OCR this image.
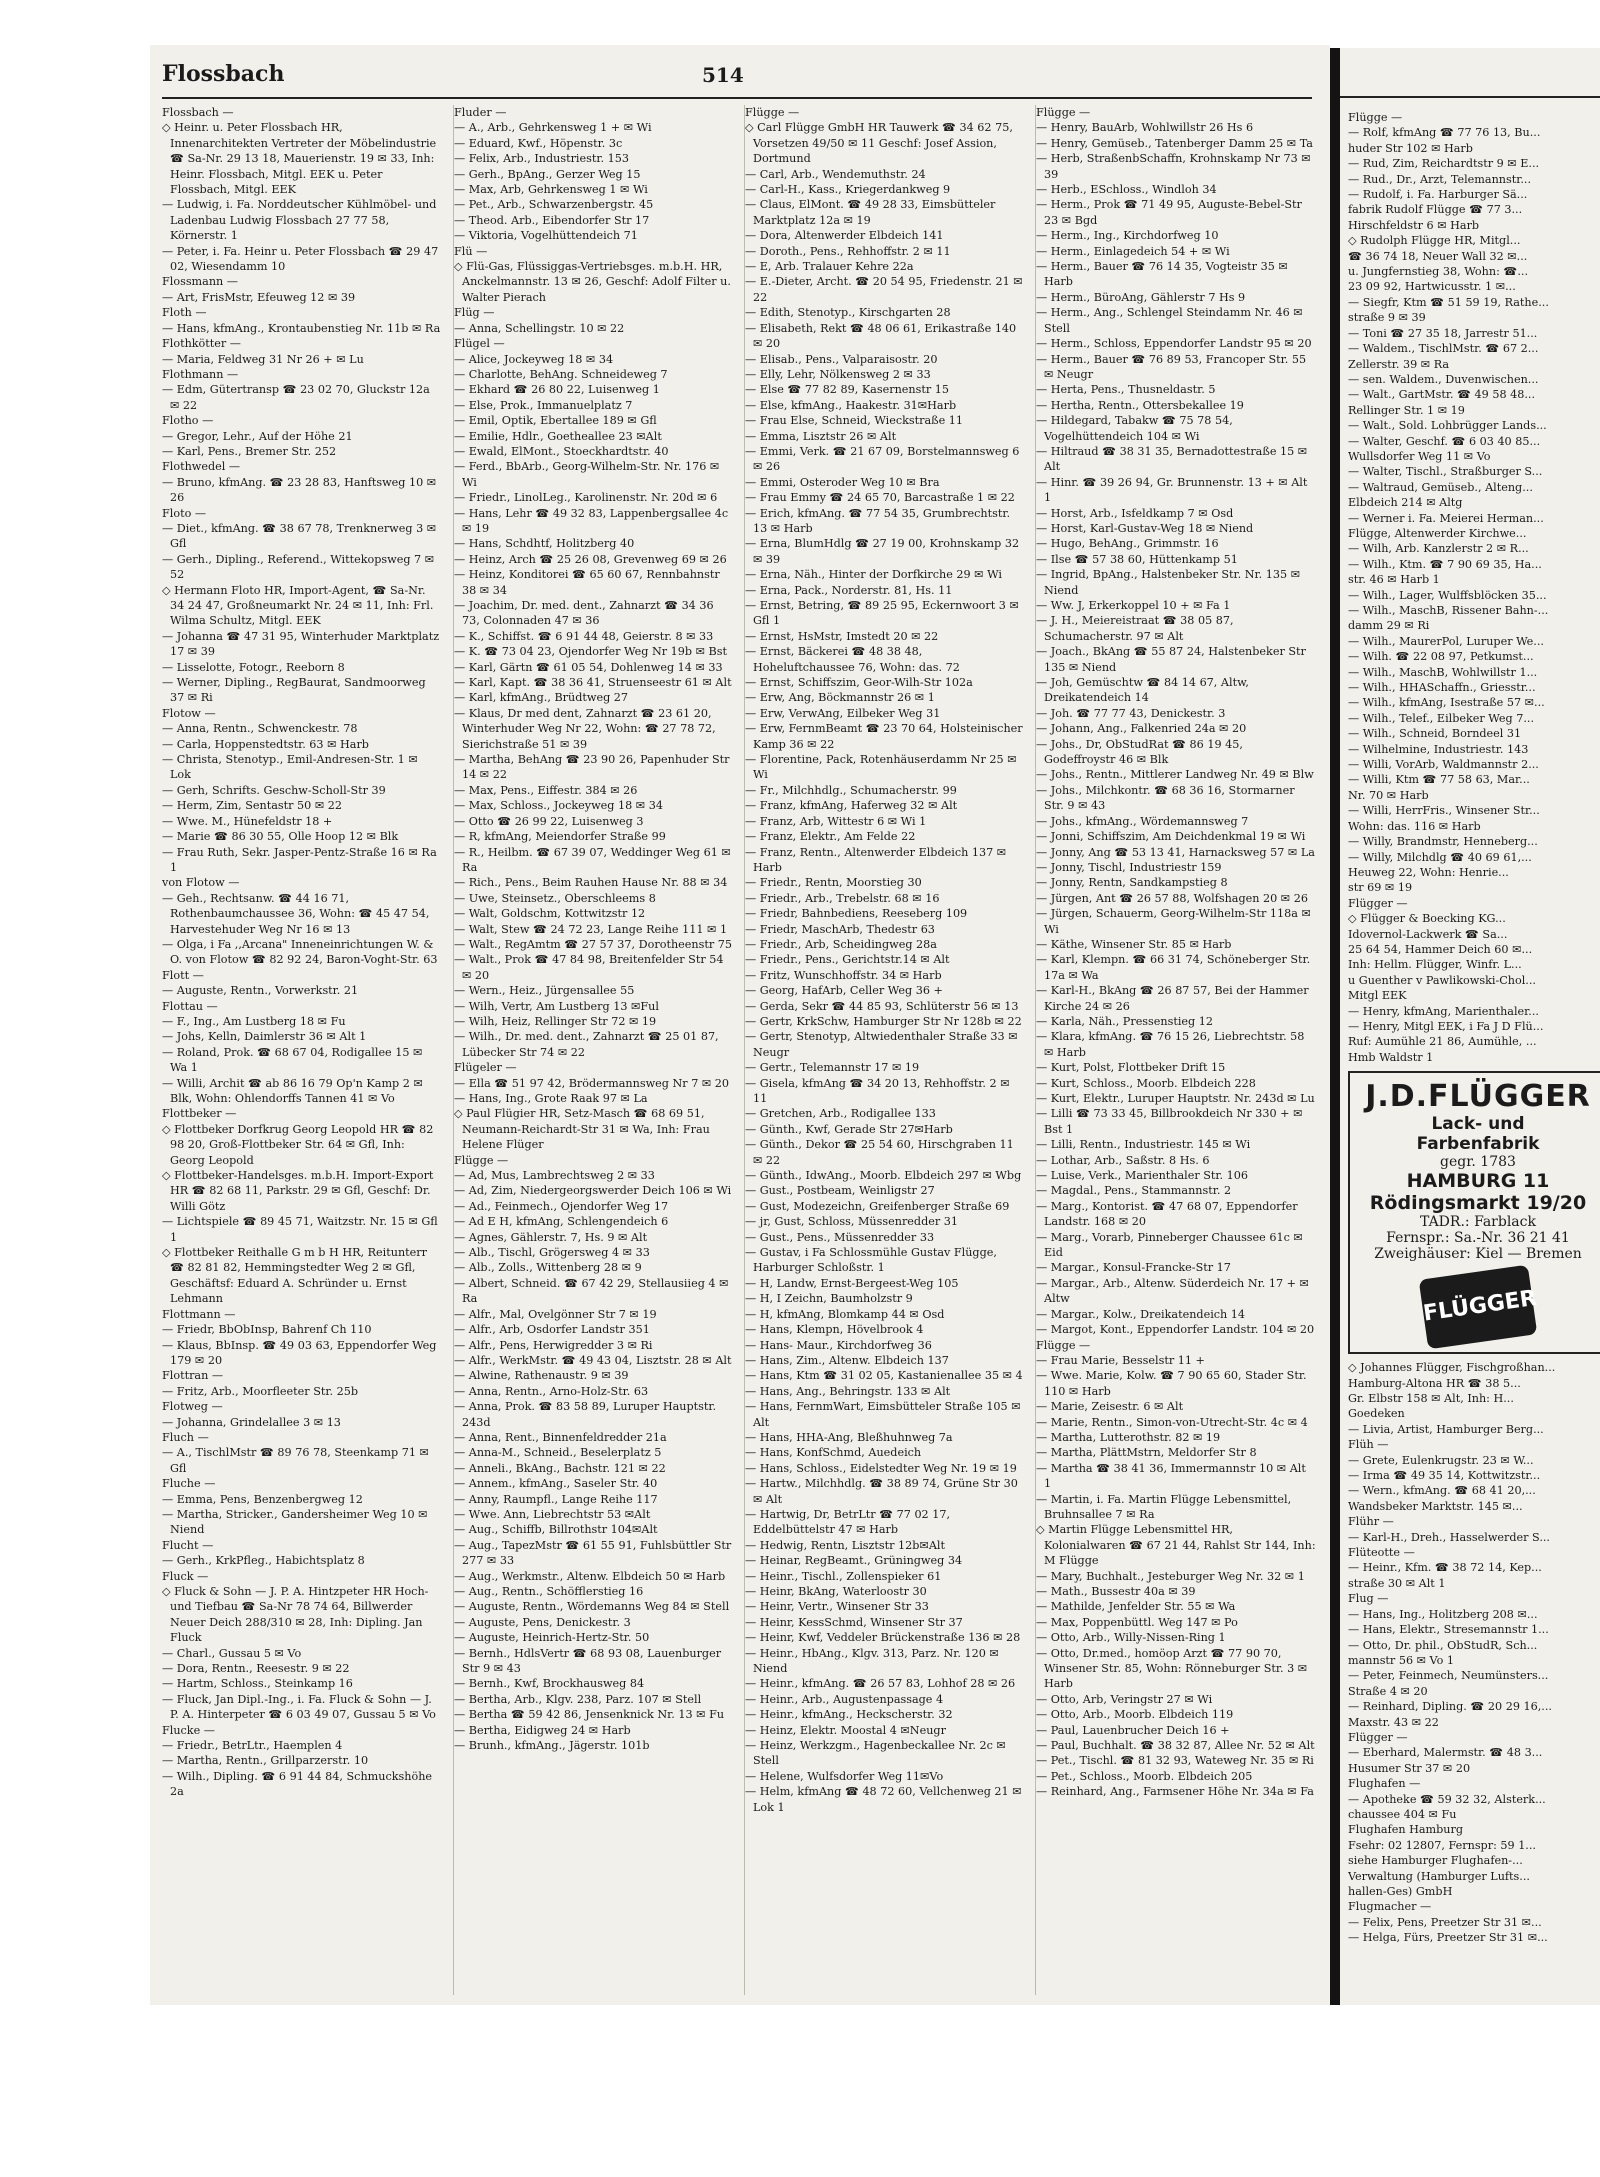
Flossbach	514
Flossbach —
◇ Heinr. u. Peter Flossbach HR, Innenarchitekten Vertreter der Möbelindustrie ☎ Sa-Nr. 29 13 18, Mauerienstr. 19 ✉ 33, Inh: Heinr. Flossbach, Mitgl. EEK u. Peter Flossbach, Mitgl. EEK
— Ludwig, i. Fa. Norddeutscher Kühlmöbel- und Ladenbau Ludwig Flossbach 27 77 58, Körnerstr. 1
— Peter, i. Fa. Heinr u. Peter Flossbach ☎ 29 47 02, Wiesendamm 10
Flossmann —
— Art, FrisMstr, Efeuweg 12 ✉ 39
Floth —
— Hans, kfmAng., Krontaubenstieg Nr. 11b ✉ Ra
Flothkötter —
— Maria, Feldweg 31 Nr 26 + ✉ Lu
Flothmann —
— Edm, Gütertransp ☎ 23 02 70, Gluckstr 12a ✉ 22
Flotho —
— Gregor, Lehr., Auf der Höhe 21
— Karl, Pens., Bremer Str. 252
Flothwedel —
— Bruno, kfmAng. ☎ 23 28 83, Hanftsweg 10 ✉ 26
Floto —
— Diet., kfmAng. ☎ 38 67 78, Trenknerweg 3 ✉ Gfl
— Gerh., Dipling., Referend., Wittekopsweg 7 ✉ 52
◇ Hermann Floto HR, Import-Agent, ☎ Sa-Nr. 34 24 47, Großneumarkt Nr. 24 ✉ 11, Inh: Frl. Wilma Schultz, Mitgl. EEK
— Johanna ☎ 47 31 95, Winterhuder Marktplatz 17 ✉ 39
— Lisselotte, Fotogr., Reeborn 8
— Werner, Dipling., RegBaurat, Sandmoorweg 37 ✉ Ri
Flotow —
— Anna, Rentn., Schwenckestr. 78
— Carla, Hoppenstedtstr. 63 ✉ Harb
— Christa, Stenotyp., Emil-Andresen-Str. 1 ✉ Lok
— Gerh, Schrifts. Geschw-Scholl-Str 39
— Herm, Zim, Sentastr 50 ✉ 22
— Wwe. M., Hünefeldstr 18 +
— Marie ☎ 86 30 55, Olle Hoop 12 ✉ Blk
— Frau Ruth, Sekr. Jasper-Pentz-Straße 16 ✉ Ra 1
von Flotow —
— Geh., Rechtsanw. ☎ 44 16 71, Rothenbaumchaussee 36, Wohn: ☎ 45 47 54, Harvestehuder Weg Nr 16 ✉ 13
— Olga, i Fa ,,Arcana" Inneneinrichtungen W. & O. von Flotow ☎ 82 92 24, Baron-Voght-Str. 63
Flott —
— Auguste, Rentn., Vorwerkstr. 21
Flottau —
— F., Ing., Am Lustberg 18 ✉ Fu
— Johs, Kelln, Daimlerstr 36 ✉ Alt 1
— Roland, Prok. ☎ 68 67 04, Rodigallee 15 ✉ Wa 1
— Willi, Archit ☎ ab 86 16 79 Op'n Kamp 2 ✉ Blk, Wohn: Ohlendorffs Tannen 41 ✉ Vo
Flottbeker —
◇ Flottbeker Dorfkrug Georg Leopold HR ☎ 82 98 20, Groß-Flottbeker Str. 64 ✉ Gfl, Inh: Georg Leopold
◇ Flottbeker-Handelsges. m.b.H. Import-Export HR ☎ 82 68 11, Parkstr. 29 ✉ Gfl, Geschf: Dr. Willi Götz
— Lichtspiele ☎ 89 45 71, Waitzstr. Nr. 15 ✉ Gfl 1
◇ Flottbeker Reithalle G m b H HR, Reitunterr ☎ 82 81 82, Hemmingstedter Weg 2 ✉ Gfl, Geschäftsf: Eduard A. Schründer u. Ernst Lehmann
Flottmann —
— Friedr, BbObInsp, Bahrenf Ch 110
— Klaus, BbInsp. ☎ 49 03 63, Eppendorfer Weg 179 ✉ 20
Flottran —
— Fritz, Arb., Moorfleeter Str. 25b
Flotweg —
— Johanna, Grindelallee 3 ✉ 13
Fluch —
— A., TischlMstr ☎ 89 76 78, Steenkamp 71 ✉ Gfl
Fluche —
— Emma, Pens, Benzenbergweg 12
— Martha, Stricker., Gandersheimer Weg 10 ✉ Niend
Flucht —
— Gerh., KrkPfleg., Habichtsplatz 8
Fluck —
◇ Fluck & Sohn — J. P. A. Hintzpeter HR Hoch- und Tiefbau ☎ Sa-Nr 78 74 64, Billwerder Neuer Deich 288/310 ✉ 28, Inh: Dipling. Jan Fluck
— Charl., Gussau 5 ✉ Vo
— Dora, Rentn., Reesestr. 9 ✉ 22
— Hartm, Schloss., Steinkamp 16
— Fluck, Jan Dipl.-Ing., i. Fa. Fluck & Sohn — J. P. A. Hinterpeter ☎ 6 03 49 07, Gussau 5 ✉ Vo
Flucke —
— Friedr., BetrLtr., Haemplen 4
— Martha, Rentn., Grillparzerstr. 10
— Wilh., Dipling. ☎ 6 91 44 84, Schmuckshöhe 2a
Fluder —
— A., Arb., Gehrkensweg 1 + ✉ Wi
— Eduard, Kwf., Höpenstr. 3c
— Felix, Arb., Industriestr. 153
— Gerh., BpAng., Gerzer Weg 15
— Max, Arb, Gehrkensweg 1 ✉ Wi
— Pet., Arb., Schwarzenbergstr. 45
— Theod. Arb., Eibendorfer Str 17
— Viktoria, Vogelhüttendeich 71
Flü —
◇ Flü-Gas, Flüssiggas-Vertriebsges. m.b.H. HR, Anckelmannstr. 13 ✉ 26, Geschf: Adolf Filter u. Walter Pierach
Flüg —
— Anna, Schellingstr. 10 ✉ 22
Flügel —
— Alice, Jockeyweg 18 ✉ 34
— Charlotte, BehAng. Schneideweg 7
— Ekhard ☎ 26 80 22, Luisenweg 1
— Else, Prok., Immanuelplatz 7
— Emil, Optik, Ebertallee 189 ✉ Gfl
— Emilie, Hdlr., Goetheallee 23 ✉Alt
— Ewald, ElMont., Stoeckhardtstr. 40
— Ferd., BbArb., Georg-Wilhelm-Str. Nr. 176 ✉ Wi
— Friedr., LinolLeg., Karolinenstr. Nr. 20d ✉ 6
— Hans, Lehr ☎ 49 32 83, Lappenbergsallee 4c ✉ 19
— Hans, Schdhtf, Holitzberg 40
— Heinz, Arch ☎ 25 26 08, Grevenweg 69 ✉ 26
— Heinz, Konditorei ☎ 65 60 67, Rennbahnstr 38 ✉ 34
— Joachim, Dr. med. dent., Zahnarzt ☎ 34 36 73, Colonnaden 47 ✉ 36
— K., Schiffst. ☎ 6 91 44 48, Geierstr. 8 ✉ 33
— K. ☎ 73 04 23, Ojendorfer Weg Nr 19b ✉ Bst
— Karl, Gärtn ☎ 61 05 54, Dohlenweg 14 ✉ 33
— Karl, Kapt. ☎ 38 36 41, Struenseestr 61 ✉ Alt
— Karl, kfmAng., Brüdtweg 27
— Klaus, Dr med dent, Zahnarzt ☎ 23 61 20, Winterhuder Weg Nr 22, Wohn: ☎ 27 78 72, Sierichstraße 51 ✉ 39
— Martha, BehAng ☎ 23 90 26, Papenhuder Str 14 ✉ 22
— Max, Pens., Eiffestr. 384 ✉ 26
— Max, Schloss., Jockeyweg 18 ✉ 34
— Otto ☎ 26 99 22, Luisenweg 3
— R, kfmAng, Meiendorfer Straße 99
— R., Heilbm. ☎ 67 39 07, Weddinger Weg 61 ✉ Ra
— Rich., Pens., Beim Rauhen Hause Nr. 88 ✉ 34
— Uwe, Steinsetz., Oberschleems 8
— Walt, Goldschm, Kottwitzstr 12
— Walt, Stew ☎ 24 72 23, Lange Reihe 111 ✉ 1
— Walt., RegAmtm ☎ 27 57 37, Dorotheenstr 75
— Walt., Prok ☎ 47 84 98, Breitenfelder Str 54 ✉ 20
— Wern., Heiz., Jürgensallee 55
— Wilh, Vertr, Am Lustberg 13 ✉Ful
— Wilh, Heiz, Rellinger Str 72 ✉ 19
— Wilh., Dr. med. dent., Zahnarzt ☎ 25 01 87, Lübecker Str 74 ✉ 22
Flügeler —
— Ella ☎ 51 97 42, Brödermannsweg Nr 7 ✉ 20
— Hans, Ing., Grote Raak 97 ✉ La
◇ Paul Flügier HR, Setz-Masch ☎ 68 69 51, Neumann-Reichardt-Str 31 ✉ Wa, Inh: Frau Helene Flüger
Flügge —
— Ad, Mus, Lambrechtsweg 2 ✉ 33
— Ad, Zim, Niedergeorgswerder Deich 106 ✉ Wi
— Ad., Feinmech., Ojendorfer Weg 17
— Ad E H, kfmAng, Schlengendeich 6
— Agnes, Gählerstr. 7, Hs. 9 ✉ Alt
— Alb., Tischl, Grögersweg 4 ✉ 33
— Alb., Zolls., Wittenberg 28 ✉ 9
— Albert, Schneid. ☎ 67 42 29, Stellausiieg 4 ✉ Ra
— Alfr., Mal, Ovelgönner Str 7 ✉ 19
— Alfr., Arb, Osdorfer Landstr 351
— Alfr., Pens, Herwigredder 3 ✉ Ri
— Alfr., WerkMstr. ☎ 49 43 04, Lisztstr. 28 ✉ Alt
— Alwine, Rathenaustr. 9 ✉ 39
— Anna, Rentn., Arno-Holz-Str. 63
— Anna, Prok. ☎ 83 58 89, Luruper Hauptstr. 243d
— Anna, Rent., Binnenfeldredder 21a
— Anna-M., Schneid., Beselerplatz 5
— Anneli., BkAng., Bachstr. 121 ✉ 22
— Annem., kfmAng., Saseler Str. 40
— Anny, Raumpfl., Lange Reihe 117
— Wwe. Ann, Liebrechtstr 53 ✉Alt
— Aug., Schiffb, Billrothstr 104✉Alt
— Aug., TapezMstr ☎ 61 55 91, Fuhlsbüttler Str 277 ✉ 33
— Aug., Werkmstr., Altenw. Elbdeich 50 ✉ Harb
— Aug., Rentn., Schöfflerstieg 16
— Auguste, Rentn., Wördemanns Weg 84 ✉ Stell
— Auguste, Pens, Denickestr. 3
— Auguste, Heinrich-Hertz-Str. 50
— Bernh., HdlsVertr ☎ 68 93 08, Lauenburger Str 9 ✉ 43
— Bernh., Kwf, Brockhausweg 84
— Bertha, Arb., Klgv. 238, Parz. 107 ✉ Stell
— Bertha ☎ 59 42 86, Jensenknick Nr. 13 ✉ Fu
— Bertha, Eidigweg 24 ✉ Harb
— Brunh., kfmAng., Jägerstr. 101b
Flügge —
◇ Carl Flügge GmbH HR Tauwerk ☎ 34 62 75, Vorsetzen 49/50 ✉ 11 Geschf: Josef Assion, Dortmund
— Carl, Arb., Wendemuthstr. 24
— Carl-H., Kass., Kriegerdankweg 9
— Claus, ElMont. ☎ 49 28 33, Eimsbütteler Marktplatz 12a ✉ 19
— Dora, Altenwerder Elbdeich 141
— Doroth., Pens., Rehhoffstr. 2 ✉ 11
— E, Arb. Tralauer Kehre 22a
— E.-Dieter, Archt. ☎ 20 54 95, Friedenstr. 21 ✉ 22
— Edith, Stenotyp., Kirschgarten 28
— Elisabeth, Rekt ☎ 48 06 61, Erikastraße 140 ✉ 20
— Elisab., Pens., Valparaisostr. 20
— Elly, Lehr, Nölkensweg 2 ✉ 33
— Else ☎ 77 82 89, Kasernenstr 15
— Else, kfmAng., Haakestr. 31✉Harb
— Frau Else, Schneid, Wieckstraße 11
— Emma, Lisztstr 26 ✉ Alt
— Emmi, Verk. ☎ 21 67 09, Borstelmannsweg 6 ✉ 26
— Emmi, Osteroder Weg 10 ✉ Bra
— Frau Emmy ☎ 24 65 70, Barcastraße 1 ✉ 22
— Erich, kfmAng. ☎ 77 54 35, Grumbrechtstr. 13 ✉ Harb
— Erna, BlumHdlg ☎ 27 19 00, Krohnskamp 32 ✉ 39
— Erna, Näh., Hinter der Dorfkirche 29 ✉ Wi
— Erna, Pack., Norderstr. 81, Hs. 11
— Ernst, Betring, ☎ 89 25 95, Eckernwoort 3 ✉ Gfl 1
— Ernst, HsMstr, Imstedt 20 ✉ 22
— Ernst, Bäckerei ☎ 48 38 48, Hoheluftchaussee 76, Wohn: das. 72
— Ernst, Schiffszim, Geor-Wilh-Str 102a
— Erw, Ang, Böckmannstr 26 ✉ 1
— Erw, VerwAng, Eilbeker Weg 31
— Erw, FernmBeamt ☎ 23 70 64, Holsteinischer Kamp 36 ✉ 22
— Florentine, Pack, Rotenhäuserdamm Nr 25 ✉ Wi
— Fr., Milchhdlg., Schumacherstr. 99
— Franz, kfmAng, Haferweg 32 ✉ Alt
— Franz, Arb, Wittestr 6 ✉ Wi 1
— Franz, Elektr., Am Felde 22
— Franz, Rentn., Altenwerder Elbdeich 137 ✉ Harb
— Friedr., Rentn, Moorstieg 30
— Friedr., Arb., Trebelstr. 68 ✉ 16
— Friedr, Bahnbediens, Reeseberg 109
— Friedr, MaschArb, Thedestr 63
— Friedr., Arb, Scheidingweg 28a
— Friedr., Pens., Gerichtstr.14 ✉ Alt
— Fritz, Wunschhoffstr. 34 ✉ Harb
— Georg, HafArb, Celler Weg 36 +
— Gerda, Sekr ☎ 44 85 93, Schlüterstr 56 ✉ 13
— Gertr, KrkSchw, Hamburger Str Nr 128b ✉ 22
— Gertr, Stenotyp, Altwiedenthaler Straße 33 ✉ Neugr
— Gertr., Telemannstr 17 ✉ 19
— Gisela, kfmAng ☎ 34 20 13, Rehhoffstr. 2 ✉ 11
— Gretchen, Arb., Rodigallee 133
— Günth., Kwf, Gerade Str 27✉Harb
— Günth., Dekor ☎ 25 54 60, Hirschgraben 11 ✉ 22
— Günth., IdwAng., Moorb. Elbdeich 297 ✉ Wbg
— Gust., Postbeam, Weinligstr 27
— Gust, Modezeichn, Greifenberger Straße 69
— jr, Gust, Schloss, Müssenredder 31
— Gust., Pens., Müssenredder 33
— Gustav, i Fa Schlossmühle Gustav Flügge, Harburger Schloßstr. 1
— H, Landw, Ernst-Bergeest-Weg 105
— H, I Zeichn, Baumholzstr 9
— H, kfmAng, Blomkamp 44 ✉ Osd
— Hans, Klempn, Hövelbrook 4
— Hans- Maur., Kirchdorfweg 36
— Hans, Zim., Altenw. Elbdeich 137
— Hans, Ktm ☎ 31 02 05, Kastanienallee 35 ✉ 4
— Hans, Ang., Behringstr. 133 ✉ Alt
— Hans, FernmWart, Eimsbütteler Straße 105 ✉ Alt
— Hans, HHA-Ang, Bleßhuhnweg 7a
— Hans, KonfSchmd, Auedeich
— Hans, Schloss., Eidelstedter Weg Nr. 19 ✉ 19
— Hartw., Milchhdlg. ☎ 38 89 74, Grüne Str 30 ✉ Alt
— Hartwig, Dr, BetrLtr ☎ 77 02 17, Eddelbüttelstr 47 ✉ Harb
— Hedwig, Rentn, Lisztstr 12b✉Alt
— Heinar, RegBeamt., Grüningweg 34
— Heinr., Tischl., Zollenspieker 61
— Heinr, BkAng, Waterloostr 30
— Heinr, Vertr., Winsener Str 33
— Heinr, KessSchmd, Winsener Str 37
— Heinr, Kwf, Veddeler Brückenstraße 136 ✉ 28
— Heinr., HbAng., Klgv. 313, Parz. Nr. 120 ✉ Niend
— Heinr., kfmAng. ☎ 26 57 83, Lohhof 28 ✉ 26
— Heinr., Arb., Augustenpassage 4
— Heinr., kfmAng., Heckscherstr. 32
— Heinz, Elektr. Moostal 4 ✉Neugr
— Heinz, Werkzgm., Hagenbeckallee Nr. 2c ✉ Stell
— Helene, Wulfsdorfer Weg 11✉Vo
— Helm, kfmAng ☎ 48 72 60, Vellchenweg 21 ✉ Lok 1
Flügge —
— Henry, BauArb, Wohlwillstr 26 Hs 6
— Henry, Gemüseb., Tatenberger Damm 25 ✉ Ta
— Herb, StraßenbSchaffn, Krohnskamp Nr 73 ✉ 39
— Herb., ESchloss., Windloh 34
— Herm., Prok ☎ 71 49 95, Auguste-Bebel-Str 23 ✉ Bgd
— Herm., Ing., Kirchdorfweg 10
— Herm., Einlagedeich 54 + ✉ Wi
— Herm., Bauer ☎ 76 14 35, Vogteistr 35 ✉ Harb
— Herm., BüroAng, Gählerstr 7 Hs 9
— Herm., Ang., Schlengel Steindamm Nr. 46 ✉ Stell
— Herm., Schloss, Eppendorfer Landstr 95 ✉ 20
— Herm., Bauer ☎ 76 89 53, Francoper Str. 55 ✉ Neugr
— Herta, Pens., Thusneldastr. 5
— Hertha, Rentn., Ottersbekallee 19
— Hildegard, Tabakw ☎ 75 78 54, Vogelhüttendeich 104 ✉ Wi
— Hiltraud ☎ 38 31 35, Bernadottestraße 15 ✉ Alt
— Hinr. ☎ 39 26 94, Gr. Brunnenstr. 13 + ✉ Alt 1
— Horst, Arb., Isfeldkamp 7 ✉ Osd
— Horst, Karl-Gustav-Weg 18 ✉ Niend
— Hugo, BehAng., Grimmstr. 16
— Ilse ☎ 57 38 60, Hüttenkamp 51
— Ingrid, BpAng., Halstenbeker Str. Nr. 135 ✉ Niend
— Ww. J, Erkerkoppel 10 + ✉ Fa 1
— J. H., Meiereistraat ☎ 38 05 87, Schumacherstr. 97 ✉ Alt
— Joach., BkAng ☎ 55 87 24, Halstenbeker Str 135 ✉ Niend
— Joh, Gemüschtw ☎ 84 14 67, Altw, Dreikatendeich 14
— Joh. ☎ 77 77 43, Denickestr. 3
— Johann, Ang., Falkenried 24a ✉ 20
— Johs., Dr, ObStudRat ☎ 86 19 45, Godeffroystr 46 ✉ Blk
— Johs., Rentn., Mittlerer Landweg Nr. 49 ✉ Blw
— Johs., Milchkontr. ☎ 68 36 16, Stormarner Str. 9 ✉ 43
— Johs., kfmAng., Wördemannsweg 7
— Jonni, Schiffszim, Am Deichdenkmal 19 ✉ Wi
— Jonny, Ang ☎ 53 13 41, Harnacksweg 57 ✉ La
— Jonny, Tischl, Industriestr 159
— Jonny, Rentn, Sandkampstieg 8
— Jürgen, Ant ☎ 26 57 88, Wolfshagen 20 ✉ 26
— Jürgen, Schauerm, Georg-Wilhelm-Str 118a ✉ Wi
— Käthe, Winsener Str. 85 ✉ Harb
— Karl, Klempn. ☎ 66 31 74, Schöneberger Str. 17a ✉ Wa
— Karl-H., BkAng ☎ 26 87 57, Bei der Hammer Kirche 24 ✉ 26
— Karla, Näh., Pressenstieg 12
— Klara, kfmAng. ☎ 76 15 26, Liebrechtstr. 58 ✉ Harb
— Kurt, Polst, Flottbeker Drift 15
— Kurt, Schloss., Moorb. Elbdeich 228
— Kurt, Elektr., Luruper Hauptstr. Nr. 243d ✉ Lu
— Lilli ☎ 73 33 45, Billbrookdeich Nr 330 + ✉ Bst 1
— Lilli, Rentn., Industriestr. 145 ✉ Wi
— Lothar, Arb., Saßstr. 8 Hs. 6
— Luise, Verk., Marienthaler Str. 106
— Magdal., Pens., Stammannstr. 2
— Marg., Kontorist. ☎ 47 68 07, Eppendorfer Landstr. 168 ✉ 20
— Marg., Vorarb, Pinneberger Chaussee 61c ✉ Eid
— Margar., Konsul-Francke-Str 17
— Margar., Arb., Altenw. Süderdeich Nr. 17 + ✉ Altw
— Margar., Kolw., Dreikatendeich 14
— Margot, Kont., Eppendorfer Landstr. 104 ✉ 20
Flügge —
— Frau Marie, Besselstr 11 +
— Wwe. Marie, Kolw. ☎ 7 90 65 60, Stader Str. 110 ✉ Harb
— Marie, Zeisestr. 6 ✉ Alt
— Marie, Rentn., Simon-von-Utrecht-Str. 4c ✉ 4
— Martha, Lutterothstr. 82 ✉ 19
— Martha, PlättMstrn, Meldorfer Str 8
— Martha ☎ 38 41 36, Immermannstr 10 ✉ Alt 1
— Martin, i. Fa. Martin Flügge Lebensmittel, Bruhnsallee 7 ✉ Ra
◇ Martin Flügge Lebensmittel HR, Kolonialwaren ☎ 67 21 44, Rahlst Str 144, Inh: M Flügge
— Mary, Buchhalt., Jesteburger Weg Nr. 32 ✉ 1
— Math., Bussestr 40a ✉ 39
— Mathilde, Jenfelder Str. 55 ✉ Wa
— Max, Poppenbüttl. Weg 147 ✉ Po
— Otto, Arb., Willy-Nissen-Ring 1
— Otto, Dr.med., homöop Arzt ☎ 77 90 70, Winsener Str. 85, Wohn: Rönneburger Str. 3 ✉ Harb
— Otto, Arb, Veringstr 27 ✉ Wi
— Otto, Arb., Moorb. Elbdeich 119
— Paul, Lauenbrucher Deich 16 +
— Paul, Buchhalt. ☎ 38 32 87, Allee Nr. 52 ✉ Alt
— Pet., Tischl. ☎ 81 32 93, Wateweg Nr. 35 ✉ Ri
— Pet., Schloss., Moorb. Elbdeich 205
— Reinhard, Ang., Farmsener Höhe Nr. 34a ✉ Fa
Flügge —
— Rolf, kfmAng ☎ 77 76 13, Bu...
huder Str 102 ✉ Harb
— Rud, Zim, Reichardtstr 9 ✉ E...
— Rud., Dr., Arzt, Telemannstr...
— Rudolf, i. Fa. Harburger Sä...
fabrik Rudolf Flügge ☎ 77 3...
Hirschfeldstr 6 ✉ Harb
◇ Rudolph Flügge HR, Mitgl...
☎ 36 74 18, Neuer Wall 32 ✉...
u. Jungfernstieg 38, Wohn: ☎...
23 09 92, Hartwicusstr. 1 ✉...
— Siegfr, Ktm ☎ 51 59 19, Rathe...
straße 9 ✉ 39
— Toni ☎ 27 35 18, Jarrestr 51...
— Waldem., TischlMstr. ☎ 67 2...
Zellerstr. 39 ✉ Ra
— sen. Waldem., Duvenwischen...
— Walt., GartMstr. ☎ 49 58 48...
Rellinger Str. 1 ✉ 19
— Walt., Sold. Lohbrügger Lands...
— Walter, Geschf. ☎ 6 03 40 85...
Wullsdorfer Weg 11 ✉ Vo
— Walter, Tischl., Straßburger S...
— Waltraud, Gemüseb., Alteng...
Elbdeich 214 ✉ Altg
— Werner i. Fa. Meierei Herman...
Flügge, Altenwerder Kirchwe...
— Wilh, Arb. Kanzlerstr 2 ✉ R...
— Wilh., Ktm. ☎ 7 90 69 35, Ha...
str. 46 ✉ Harb 1
— Wilh., Lager, Wulffsblöcken 35...
— Wilh., MaschB, Rissener Bahn-...
damm 29 ✉ Ri
— Wilh., MaurerPol, Luruper We...
— Wilh. ☎ 22 08 97, Petkumst...
— Wilh., MaschB, Wohlwillstr 1...
— Wilh., HHASchaffn., Griesstr...
— Wilh., kfmAng, Isestraße 57 ✉...
— Wilh., Telef., Eilbeker Weg 7...
— Wilh., Schneid, Borndeel 31
— Wilhelmine, Industriestr. 143
— Willi, VorArb, Waldmannstr 2...
— Willi, Ktm ☎ 77 58 63, Mar...
Nr. 70 ✉ Harb
— Willi, HerrFris., Winsener Str...
Wohn: das. 116 ✉ Harb
— Willy, Brandmstr, Henneberg...
— Willy, Milchdlg ☎ 40 69 61,...
Heuweg 22, Wohn: Henrie...
str 69 ✉ 19
Flügger —
◇ Flügger & Boecking KG...
Idovernol-Lackwerk ☎ Sa...
25 64 54, Hammer Deich 60 ✉...
Inh: Hellm. Flügger, Winfr. L...
u Guenther v Pawlikowski-Chol...
Mitgl EEK
— Henry, kfmAng, Marienthaler...
— Henry, Mitgl EEK, i Fa J D Flü...
Ruf: Aumühle 21 86, Aumühle, ...
Hmb Waldstr 1
J.D.FLÜGGER
Lack- und
Farbenfabrik
gegr. 1783
HAMBURG 11
Rödingsmarkt 19/20
TADR.: Farblack
Fernspr.: Sa.-Nr. 36 21 41
Zweighäuser: Kiel — Bremen
FLÜGGER
◇ Johannes Flügger, Fischgroßhan...
Hamburg-Altona HR ☎ 38 5...
Gr. Elbstr 158 ✉ Alt, Inh: H...
Goedeken
— Livia, Artist, Hamburger Berg...
Flüh —
— Grete, Eulenkrugstr. 23 ✉ W...
— Irma ☎ 49 35 14, Kottwitzstr...
— Wern., kfmAng. ☎ 68 41 20,...
Wandsbeker Marktstr. 145 ✉...
Flühr —
— Karl-H., Dreh., Hasselwerder S...
Flüteotte —
— Heinr., Kfm. ☎ 38 72 14, Kep...
straße 30 ✉ Alt 1
Flug —
— Hans, Ing., Holitzberg 208 ✉...
— Hans, Elektr., Stresemannstr 1...
— Otto, Dr. phil., ObStudR, Sch...
mannstr 56 ✉ Vo 1
— Peter, Feinmech, Neumünsters...
Straße 4 ✉ 20
— Reinhard, Dipling. ☎ 20 29 16,...
Maxstr. 43 ✉ 22
Flügger —
— Eberhard, Malermstr. ☎ 48 3...
Husumer Str 37 ✉ 20
Flughafen —
— Apotheke ☎ 59 32 32, Alsterk...
chaussee 404 ✉ Fu
Flughafen Hamburg
Fsehr: 02 12807, Fernspr: 59 1...
siehe Hamburger Flughafen-...
Verwaltung (Hamburger Lufts...
hallen-Ges) GmbH
Flugmacher —
— Felix, Pens, Preetzer Str 31 ✉...
— Helga, Fürs, Preetzer Str 31 ✉...
